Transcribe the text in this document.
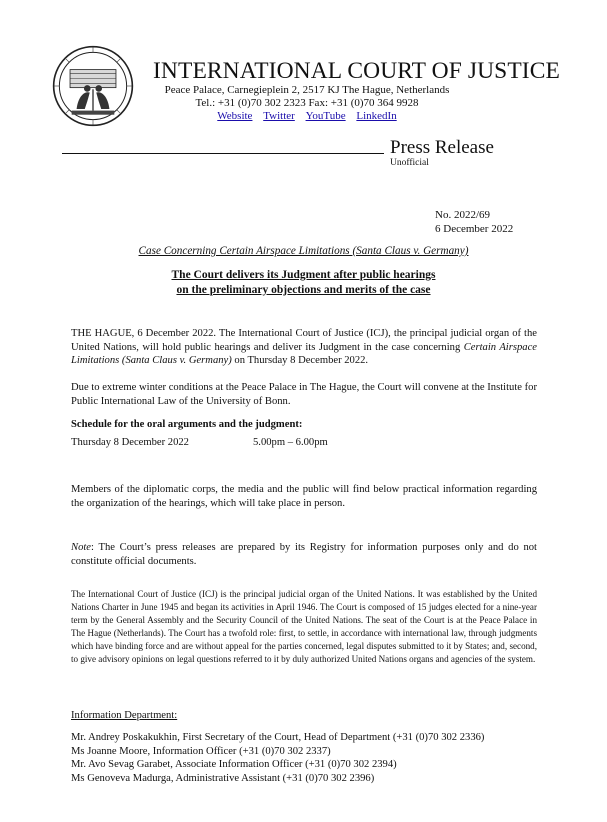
INTERNATIONAL COURT OF JUSTICE
Peace Palace, Carnegieplein 2, 2517 KJ The Hague, Netherlands
Tel.: +31 (0)70 302 2323 Fax: +31 (0)70 364 9928
Website Twitter YouTube LinkedIn
Press Release
Unofficial
No. 2022/69
6 December 2022
Case Concerning Certain Airspace Limitations (Santa Claus v. Germany)
The Court delivers its Judgment after public hearings
on the preliminary objections and merits of the case
THE HAGUE, 6 December 2022. The International Court of Justice (ICJ), the principal judicial organ of the United Nations, will hold public hearings and deliver its Judgment in the case concerning Certain Airspace Limitations (Santa Claus v. Germany) on Thursday 8 December 2022.
Due to extreme winter conditions at the Peace Palace in The Hague, the Court will convene at the Institute for Public International Law of the University of Bonn.
Schedule for the oral arguments and the judgment:
Thursday 8 December 2022	5.00pm – 6.00pm
Members of the diplomatic corps, the media and the public will find below practical information regarding the organization of the hearings, which will take place in person.
Note: The Court’s press releases are prepared by its Registry for information purposes only and do not constitute official documents.
The International Court of Justice (ICJ) is the principal judicial organ of the United Nations. It was established by the United Nations Charter in June 1945 and began its activities in April 1946. The Court is composed of 15 judges elected for a nine-year term by the General Assembly and the Security Council of the United Nations. The seat of the Court is at the Peace Palace in The Hague (Netherlands). The Court has a twofold role: first, to settle, in accordance with international law, through judgments which have binding force and are without appeal for the parties concerned, legal disputes submitted to it by States; and, second, to give advisory opinions on legal questions referred to it by duly authorized United Nations organs and agencies of the system.
Information Department:
Mr. Andrey Poskakukhin, First Secretary of the Court, Head of Department (+31 (0)70 302 2336)
Ms Joanne Moore, Information Officer (+31 (0)70 302 2337)
Mr. Avo Sevag Garabet, Associate Information Officer (+31 (0)70 302 2394)
Ms Genoveva Madurga, Administrative Assistant (+31 (0)70 302 2396)
